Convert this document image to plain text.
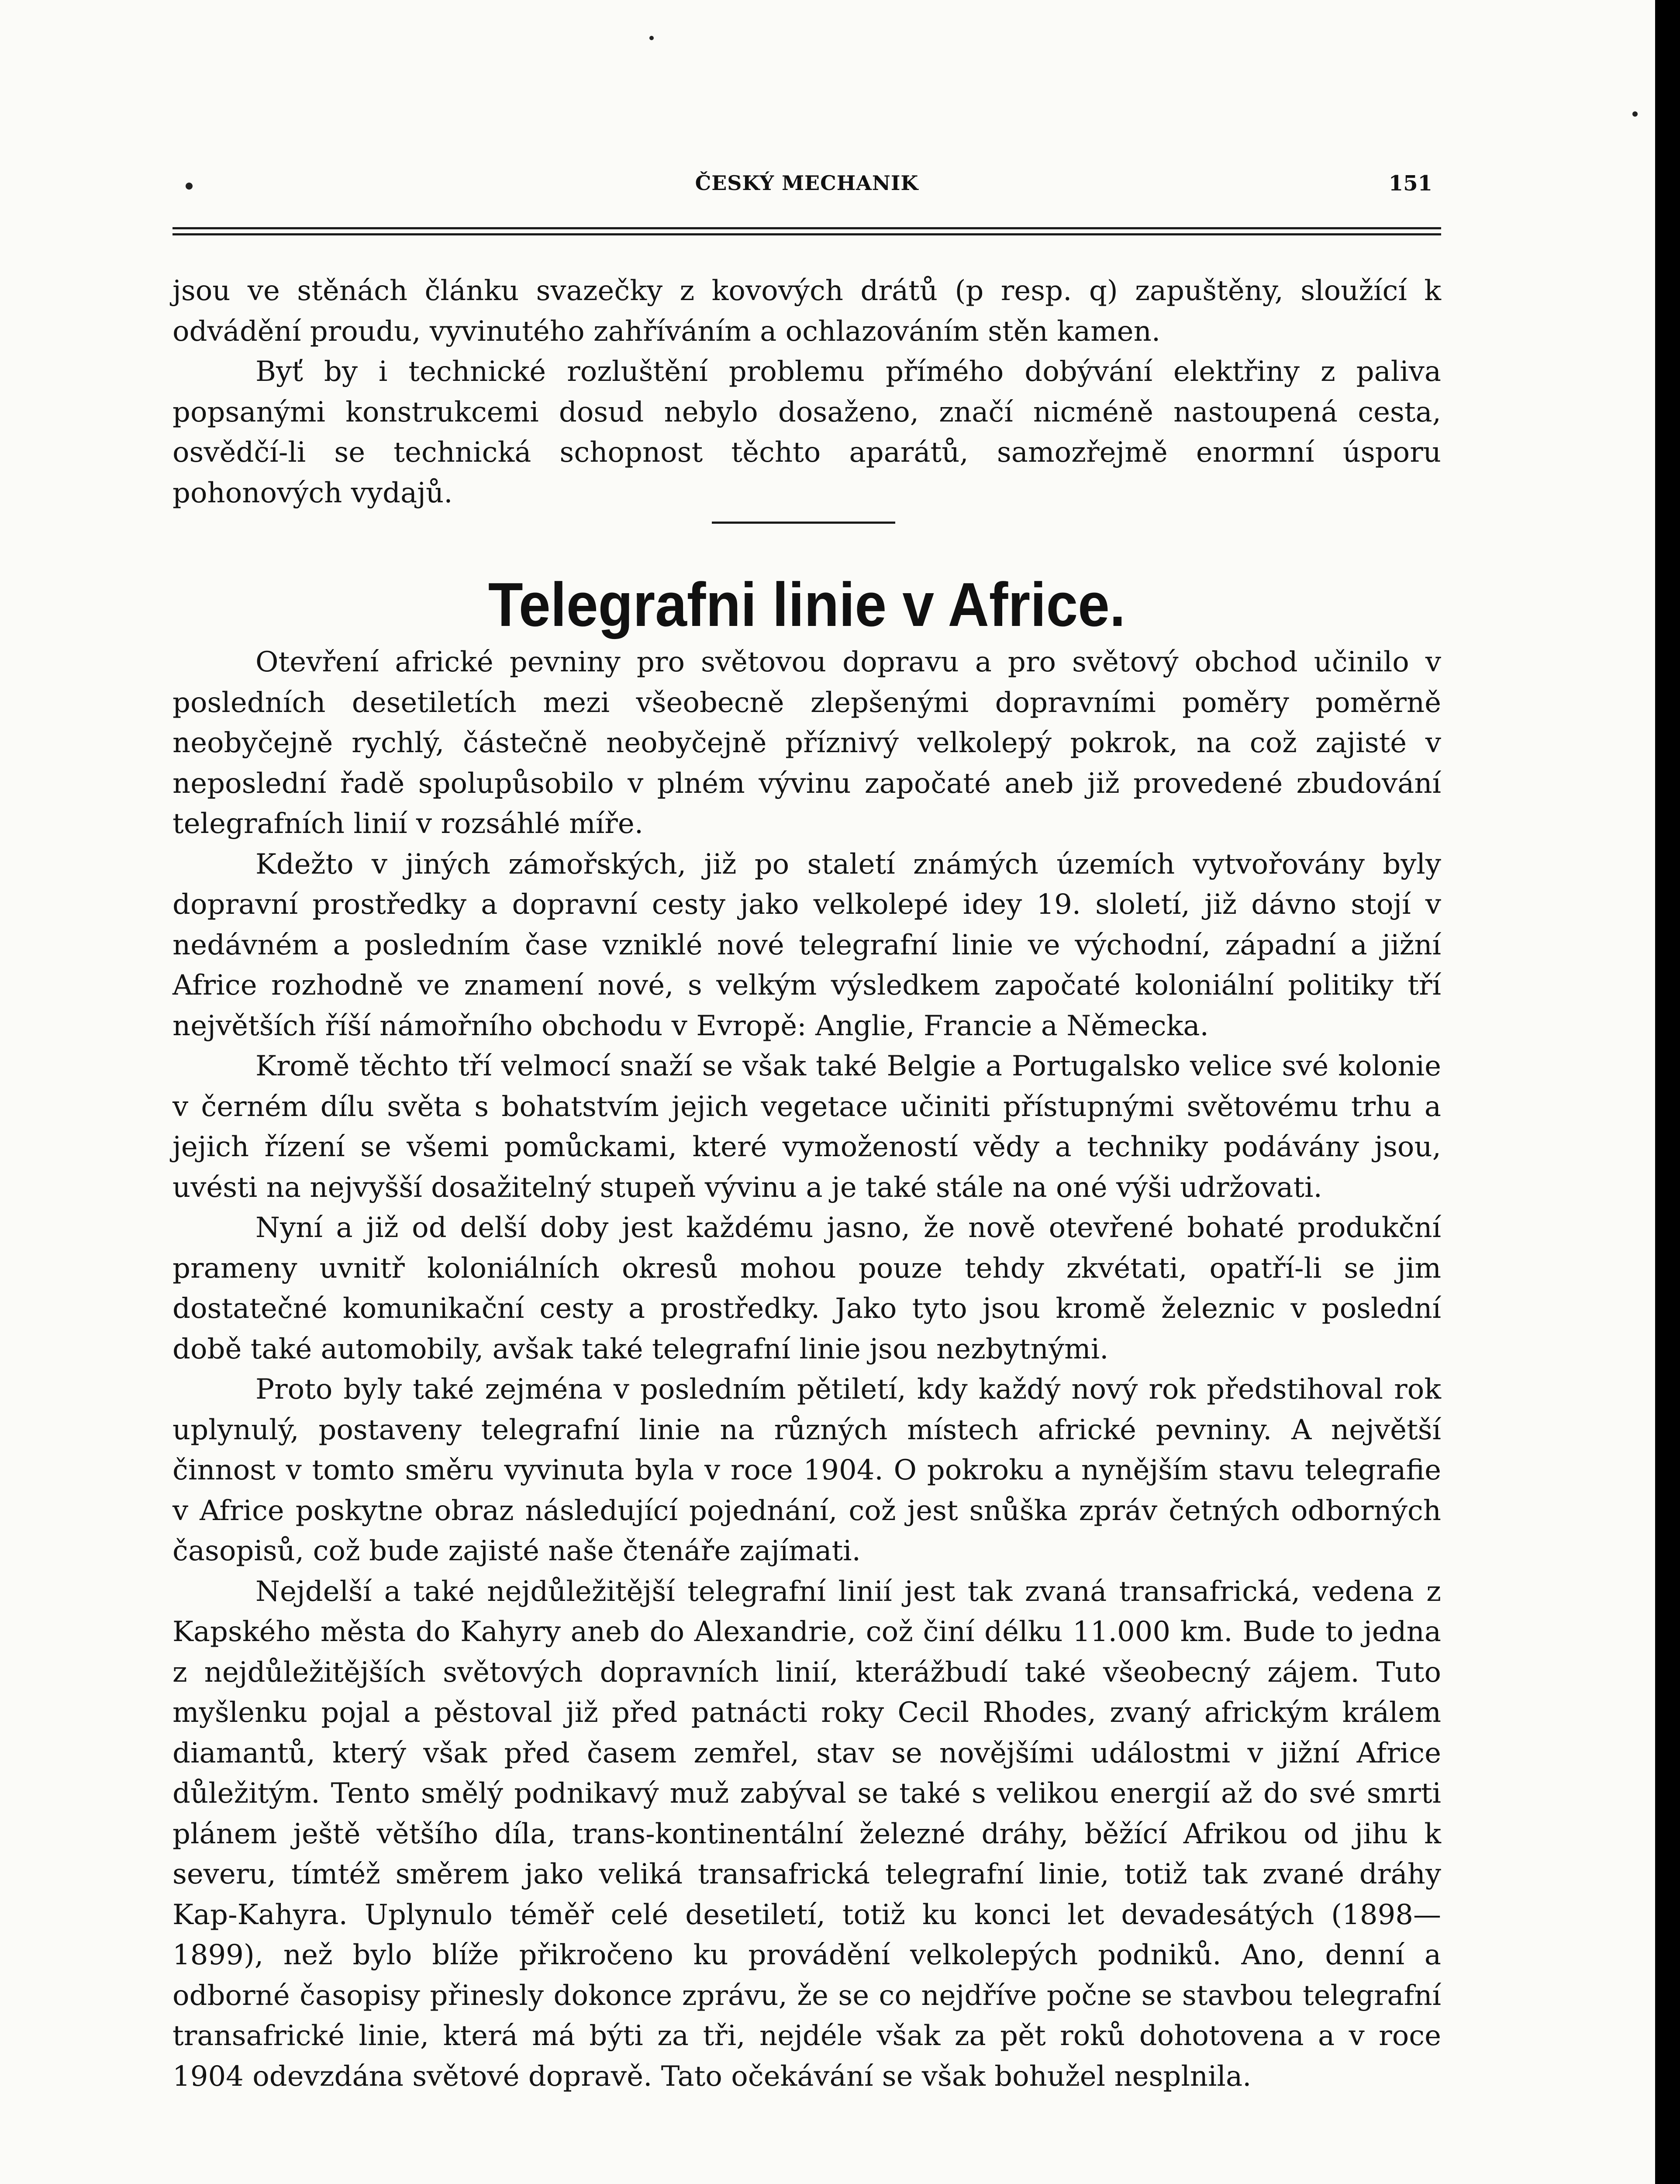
ČESKÝ MECHANIK	151

jsou ve stěnách článku svazečky z kovových drátů (p resp. q) zapuštěny, sloužící k odvádění proudu, vyvinutého zahříváním a ochlazováním stěn kamen.

Byť by i technické rozluštění problemu přímého dobývání elektřiny z paliva popsanými konstrukcemi dosud nebylo dosaženo, značí nicméně nastoupená cesta, osvědčí-li se technická schopnost těchto aparátů, samozřejmě enormní úsporu pohonových vydajů.

Telegrafni linie v Africe.

Otevření africké pevniny pro světovou dopravu a pro světový obchod učinilo v posledních desetiletích mezi všeobecně zlepšenými dopravními poměry poměrně neobyčejně rychlý, částečně neobyčejně příznivý velkolepý pokrok, na což zajisté v neposlední řadě spolupůsobilo v plném vývinu započaté aneb již provedené zbudování telegrafních linií v rozsáhlé míře.

Kdežto v jiných zámořských, již po staletí známých územích vytvořovány byly dopravní prostředky a dopravní cesty jako velkolepé idey 19. sloletí, již dávno stojí v nedávném a posledním čase vzniklé nové telegrafní linie ve východní, západní a jižní Africe rozhodně ve znamení nové, s velkým výsledkem započaté koloniální politiky tří největších říší námořního obchodu v Evropě: Anglie, Francie a Německa.

Kromě těchto tří velmocí snaží se však také Belgie a Portugalsko velice své kolonie v černém dílu světa s bohatstvím jejich vegetace učiniti přístupnými světovému trhu a jejich řízení se všemi pomůckami, které vymožeností vědy a techniky podávány jsou, uvésti na nejvyšší dosažitelný stupeň vývinu a je také stále na oné výši udržovati.

Nyní a již od delší doby jest každému jasno, že nově otevřené bohaté produkční prameny uvnitř koloniálních okresů mohou pouze tehdy zkvétati, opatří-li se jim dostatečné komunikační cesty a prostředky. Jako tyto jsou kromě železnic v poslední době také automobily, avšak také telegrafní linie jsou nezbytnými.

Proto byly také zejména v posledním pětiletí, kdy každý nový rok předstihoval rok uplynulý, postaveny telegrafní linie na různých místech africké pevniny. A největší činnost v tomto směru vyvinuta byla v roce 1904. O pokroku a nynějším stavu telegrafie v Africe poskytne obraz následující pojednání, což jest snůška zpráv četných odborných časopisů, což bude zajisté naše čtenáře zajímati.

Nejdelší a také nejdůležitější telegrafní linií jest tak zvaná transafrická, vedena z Kapského města do Kahyry aneb do Alexandrie, což činí délku 11.000 km. Bude to jedna z nejdůležitějších světových dopravních linií, kterážbudí také všeobecný zájem. Tuto myšlenku pojal a pěstoval již před patnácti roky Cecil Rhodes, zvaný africkým králem diamantů, který však před časem zemřel, stav se novějšími událostmi v jižní Africe důležitým. Tento smělý podnikavý muž zabýval se také s velikou energií až do své smrti plánem ještě většího díla, trans-kontinentální železné dráhy, běžící Afrikou od jihu k severu, tímtéž směrem jako veliká transafrická telegrafní linie, totiž tak zvané dráhy Kap-Kahyra. Uplynulo téměř celé desetiletí, totiž ku konci let devadesátých (1898—1899), než bylo blíže přikročeno ku provádění velkolepých podniků. Ano, denní a odborné časopisy přinesly dokonce zprávu, že se co nejdříve počne se stavbou telegrafní transafrické linie, která má býti za tři, nejdéle však za pět roků dohotovena a v roce 1904 odevzdána světové dopravě. Tato očekávání se však bohužel nesplnila.
